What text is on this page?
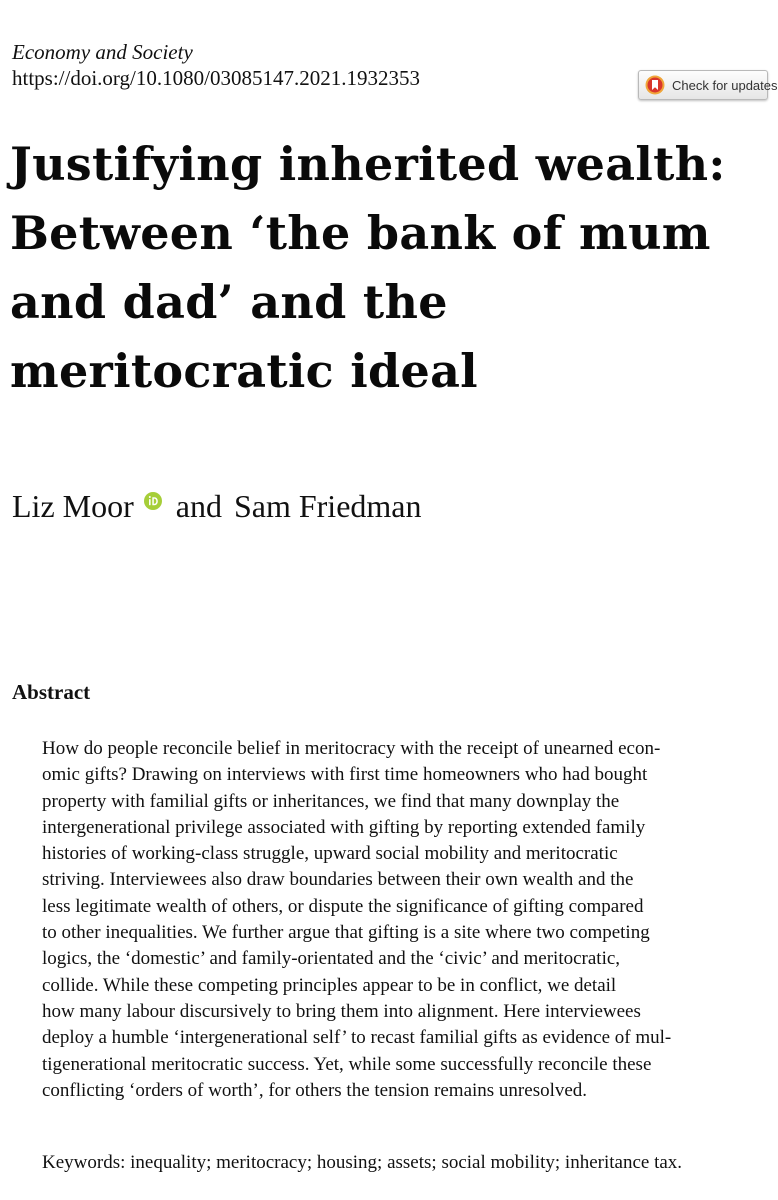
Economy and Society
https://doi.org/10.1080/03085147.2021.1932353	Check for updates
Justifying inherited wealth:
Between ‘the bank of mum
and dad’ and the
meritocratic ideal
Liz Moor and Sam Friedman
Abstract
How do people reconcile belief in meritocracy with the receipt of unearned econ-
omic gifts? Drawing on interviews with first time homeowners who had bought
property with familial gifts or inheritances, we find that many downplay the
intergenerational privilege associated with gifting by reporting extended family
histories of working-class struggle, upward social mobility and meritocratic
striving. Interviewees also draw boundaries between their own wealth and the
less legitimate wealth of others, or dispute the significance of gifting compared
to other inequalities. We further argue that gifting is a site where two competing
logics, the ‘domestic’ and family-orientated and the ‘civic’ and meritocratic,
collide. While these competing principles appear to be in conflict, we detail
how many labour discursively to bring them into alignment. Here interviewees
deploy a humble ‘intergenerational self’ to recast familial gifts as evidence of mul-
tigenerational meritocratic success. Yet, while some successfully reconcile these
conflicting ‘orders of worth’, for others the tension remains unresolved.
Keywords: inequality; meritocracy; housing; assets; social mobility; inheritance tax.
